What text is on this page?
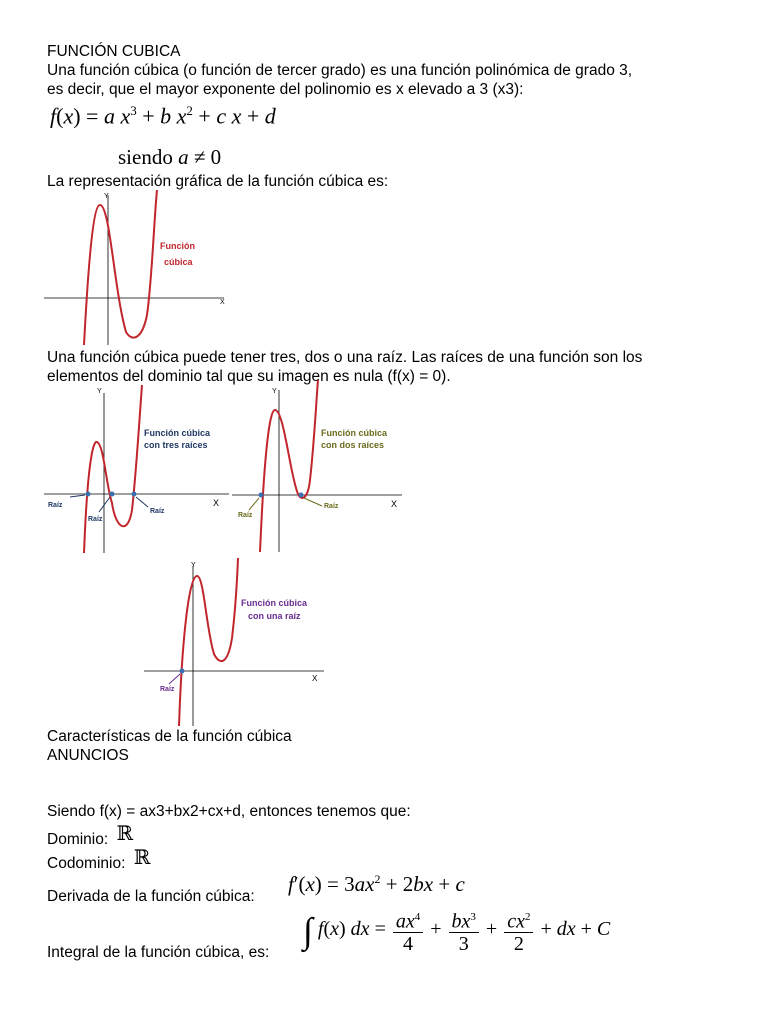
FUNCIÓN CUBICA
Una función cúbica (o función de tercer grado) es una función polinómica de grado 3,
es decir, que el mayor exponente del polinomio es x elevado a 3 (x3):
f(x) = a $x^3 + b$ $x^2 + c$ x + d
siendo a ≠ 0
La representación gráfica de la función cúbica es:
X
Y
Función
cúbica
Una función cúbica puede tener tres, dos o una raíz. Las raíces de una función son los
elementos del dominio tal que su imagen es nula (f(x) = 0).
X
Y
Raíz
Raíz
Raíz
Función cúbica
con tres raíces
X
Y
Raíz
Raíz
Función cúbica
con dos raíces
X
Y
Raíz
Función cúbica
con una raíz
Características de la función cúbica
ANUNCIOS
Siendo f(x) = ax3+bx2+cx+d, entonces tenemos que:
Dominio: ℝ
Codominio: ℝ
Derivada de la función cúbica:
$f'(x) = 3ax^2 + 2bx + c$
Integral de la función cúbica, es:
∫ f(x) dx = $\frac{ax^4}{4} + \frac{bx^3}{3} + \frac{cx^2}{2}$ + dx + C
